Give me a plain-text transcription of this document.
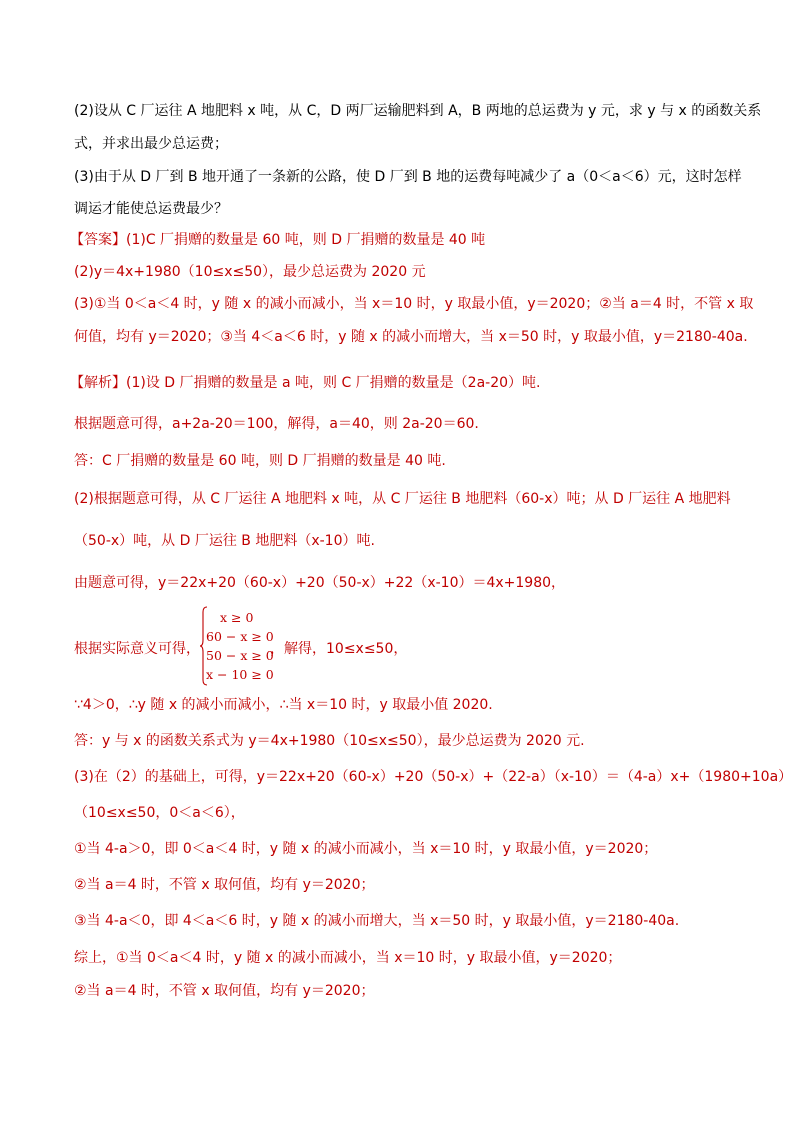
(2)设从 C 厂运往 A 地肥料 x 吨，从 C，D 两厂运输肥料到 A，B 两地的总运费为 y 元，求 y 与 x 的函数关系
式，并求出最少总运费；
(3)由于从 D 厂到 B 地开通了一条新的公路，使 D 厂到 B 地的运费每吨减少了 a（0＜a＜6）元，这时怎样
调运才能使总运费最少？
【答案】(1)C 厂捐赠的数量是 60 吨，则 D 厂捐赠的数量是 40 吨
(2)y＝4x+1980（10≤x≤50），最少总运费为 2020 元
(3)①当 0＜a＜4 时，y 随 x 的减小而减小，当 x＝10 时，y 取最小值，y＝2020；②当 a＝4 时，不管 x 取
何值，均有 y＝2020；③当 4＜a＜6 时，y 随 x 的减小而增大，当 x＝50 时，y 取最小值，y＝2180-40a.
【解析】(1)设 D 厂捐赠的数量是 a 吨，则 C 厂捐赠的数量是（2a-20）吨.
根据题意可得，a+2a-20＝100，解得，a＝40，则 2a-20＝60.
答：C 厂捐赠的数量是 60 吨，则 D 厂捐赠的数量是 40 吨.
(2)根据题意可得，从 C 厂运往 A 地肥料 x 吨，从 C 厂运往 B 地肥料（60-x）吨；从 D 厂运往 A 地肥料
（50-x）吨，从 D 厂运往 B 地肥料（x-10）吨.
由题意可得，y＝22x+20（60-x）+20（50-x）+22（x-10）＝4x+1980，
根据实际意义可得，
x ≥ 0
60 − x ≥ 0
50 − x ≥ 0
x − 10 ≥ 0
，解得，10≤x≤50，
∵4＞0，∴y 随 x 的减小而减小，∴当 x＝10 时，y 取最小值 2020.
答：y 与 x 的函数关系式为 y＝4x+1980（10≤x≤50），最少总运费为 2020 元.
(3)在（2）的基础上，可得，y＝22x+20（60-x）+20（50-x）+（22-a）（x-10）＝（4-a）x+（1980+10a）
（10≤x≤50，0＜a＜6），
①当 4-a＞0，即 0＜a＜4 时，y 随 x 的减小而减小，当 x＝10 时，y 取最小值，y＝2020；
②当 a＝4 时，不管 x 取何值，均有 y＝2020；
③当 4-a＜0，即 4＜a＜6 时，y 随 x 的减小而增大，当 x＝50 时，y 取最小值，y＝2180-40a.
综上，①当 0＜a＜4 时，y 随 x 的减小而减小，当 x＝10 时，y 取最小值，y＝2020；
②当 a＝4 时，不管 x 取何值，均有 y＝2020；
